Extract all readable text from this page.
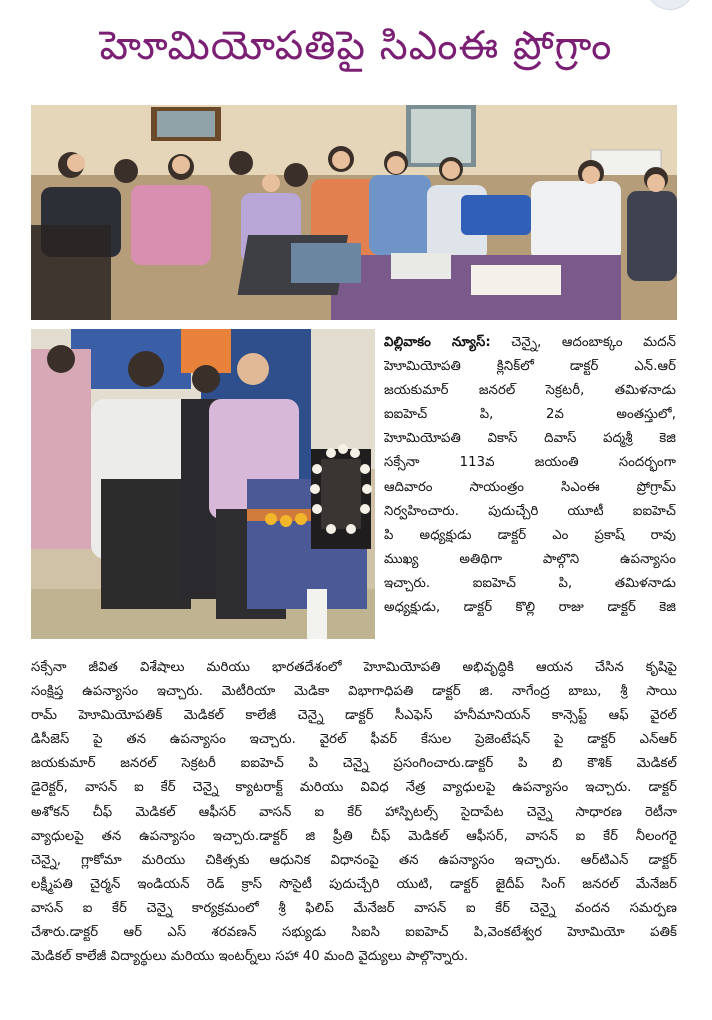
హెూమియోపతిపై సిఎంఈ ప్రోగ్రాం
విల్లివాకం న్యూస్: చెన్నై, ఆదంబాక్కం మదన్
హెూమియోపతి క్లినిక్‌లో డాక్టర్ ఎన్.ఆర్
జయకుమార్ జనరల్ సెక్రటరీ, తమిళనాడు
ఐఐహెచ్ పి, 2వ అంతస్తులో,
హెూమియోపతి వికాస్ దివాస్ పద్మశ్రీ కెజి
సక్సేనా 113వ జయంతి సందర్భంగా
ఆదివారం సాయంత్రం సిఎంఈ ప్రోగ్రామ్
నిర్వహించారు. పుదుచ్చేరి యూటీ ఐఐహెచ్
పి అధ్యక్షుడు డాక్టర్ ఎం ప్రకాష్ రావు
ముఖ్య అతిథిగా పాల్గొని ఉపన్యాసం
ఇచ్చారు. ఐఐహెచ్ పి, తమిళనాడు
అధ్యక్షుడు, డాక్టర్ కొల్లి రాజు డాక్టర్ కెజి
సక్సేనా జీవిత విశేషాలు మరియు భారతదేశంలో హెూమియోపతి అభివృద్ధికి ఆయన చేసిన కృషిపై
సంక్షిప్త ఉపన్యాసం ఇచ్చారు. మెటీరియా మెడికా విభాగాధిపతి డాక్టర్ జి. నాగేంద్ర బాబు, శ్రీ సాయి
రామ్ హెూమియోపతిక్ మెడికల్ కాలేజీ చెన్నై డాక్టర్ సీఎఫెస్ హనీమానియన్ కాన్సెప్ట్ ఆఫ్ వైరల్
డిసీజెస్ పై తన ఉపన్యాసం ఇచ్చారు. వైరల్ ఫీవర్ కేసుల ప్రెజెంటేషన్ పై డాక్టర్ ఎన్ఆర్
జయకుమార్ జనరల్ సెక్రటరీ ఐఐహెచ్ పి చెన్నై ప్రసంగించారు.డాక్టర్ పి బి కౌశిక్ మెడికల్
డైరెక్టర్, వాసన్ ఐ కేర్ చెన్నై క్యాటరాక్ట్ మరియు వివిధ నేత్ర వ్యాధులపై ఉపన్యాసం ఇచ్చారు. డాక్టర్
అశోకన్ చీఫ్ మెడికల్ ఆఫీసర్ వాసన్ ఐ కేర్ హాస్పిటల్స్ సైదాపేట చెన్నై సాధారణ రెటీనా
వ్యాధులపై తన ఉపన్యాసం ఇచ్చారు.డాక్టర్ జి ప్రీతి చీఫ్ మెడికల్ ఆఫీసర్, వాసన్ ఐ కేర్ నీలంగరై
చెన్నై, గ్లాకోమా మరియు చికిత్సకు ఆధునిక విధానంపై తన ఉపన్యాసం ఇచ్చారు. ఆర్‌టిఎన్ డాక్టర్
లక్ష్మీపతి చైర్మన్ ఇండియన్ రెడ్ క్రాస్ సొసైటీ పుదుచ్చేరి యుటి, డాక్టర్ జైదీప్ సింగ్ జనరల్ మేనేజర్
వాసన్ ఐ కేర్ చెన్నై కార్యక్రమంలో శ్రీ ఫిలిప్ మేనేజర్ వాసన్ ఐ కేర్ చెన్నై వందన సమర్పణ
చేశారు.డాక్టర్ ఆర్ ఎస్ శరవణన్ సభ్యుడు సిఐసి ఐఐహెచ్ పి,వెంకటేశ్వర హెూమియో పతిక్
మెడికల్ కాలేజీ విద్యార్థులు మరియు ఇంటర్న్‌లు సహా 40 మంది వైద్యులు పాల్గొన్నారు.
